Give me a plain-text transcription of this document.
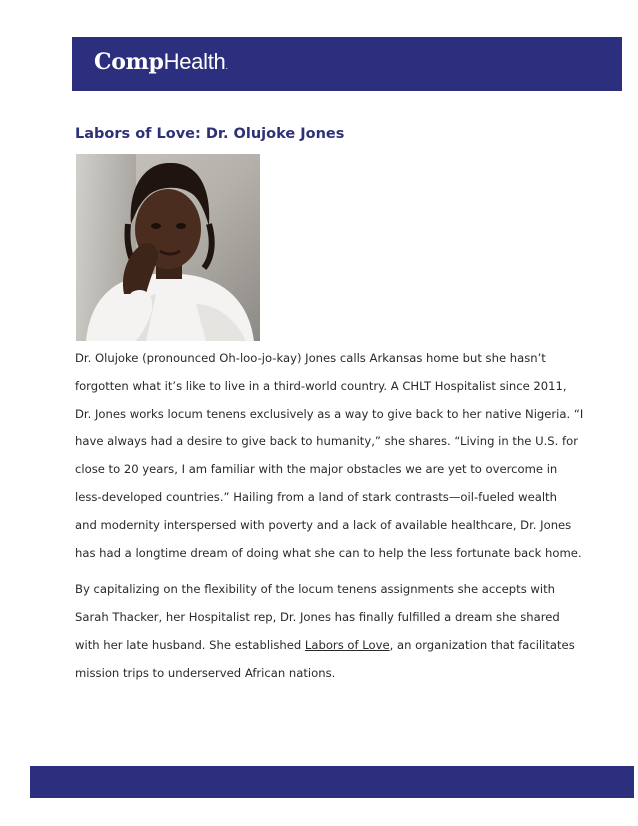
CompHealth.
Labors of Love: Dr. Olujoke Jones

Dr. Olujoke (pronounced Oh-loo-jo-kay) Jones calls Arkansas home but she hasn’t
forgotten what it’s like to live in a third-world country. A CHLT Hospitalist since 2011,
Dr. Jones works locum tenens exclusively as a way to give back to her native Nigeria. “I
have always had a desire to give back to humanity,” she shares. “Living in the U.S. for
close to 20 years, I am familiar with the major obstacles we are yet to overcome in
less-developed countries.” Hailing from a land of stark contrasts—oil-fueled wealth
and modernity interspersed with poverty and a lack of available healthcare, Dr. Jones
has had a longtime dream of doing what she can to help the less fortunate back home.

By capitalizing on the flexibility of the locum tenens assignments she accepts with
Sarah Thacker, her Hospitalist rep, Dr. Jones has finally fulfilled a dream she shared
with her late husband. She established Labors of Love, an organization that facilitates
mission trips to underserved African nations.
